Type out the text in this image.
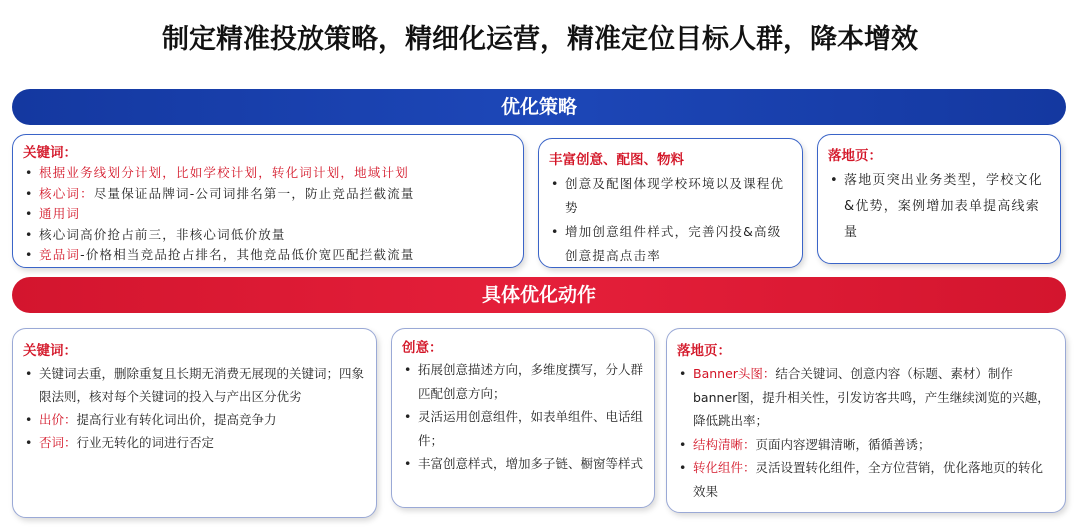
制定精准投放策略，精细化运营，精准定位目标人群，降本增效
优化策略
关键词：
• 根据业务线划分计划，比如学校计划，转化词计划，地域计划
• 核心词：尽量保证品牌词-公司词排名第一，防止竞品拦截流量
• 通用词
• 核心词高价抢占前三，非核心词低价放量
• 竞品词-价格相当竞品抢占排名，其他竞品低价宽匹配拦截流量
丰富创意、配图、物料
• 创意及配图体现学校环境以及课程优势
• 增加创意组件样式，完善闪投&高级创意提高点击率
落地页：
• 落地页突出业务类型，学校文化&优势，案例增加表单提高线索量
具体优化动作
关键词：
• 关键词去重，删除重复且长期无消费无展现的关键词；四象限法则，核对每个关键词的投入与产出区分优劣
• 出价：提高行业有转化词出价，提高竞争力
• 否词：行业无转化的词进行否定
创意：
• 拓展创意描述方向，多维度撰写，分人群匹配创意方向；
• 灵活运用创意组件，如表单组件、电话组件；
• 丰富创意样式，增加多子链、橱窗等样式
落地页：
• Banner头图：结合关键词、创意内容（标题、素材）制作banner图，提升相关性，引发访客共鸣，产生继续浏览的兴趣，降低跳出率；
• 结构清晰：页面内容逻辑清晰，循循善诱；
• 转化组件：灵活设置转化组件，全方位营销，优化落地页的转化效果
